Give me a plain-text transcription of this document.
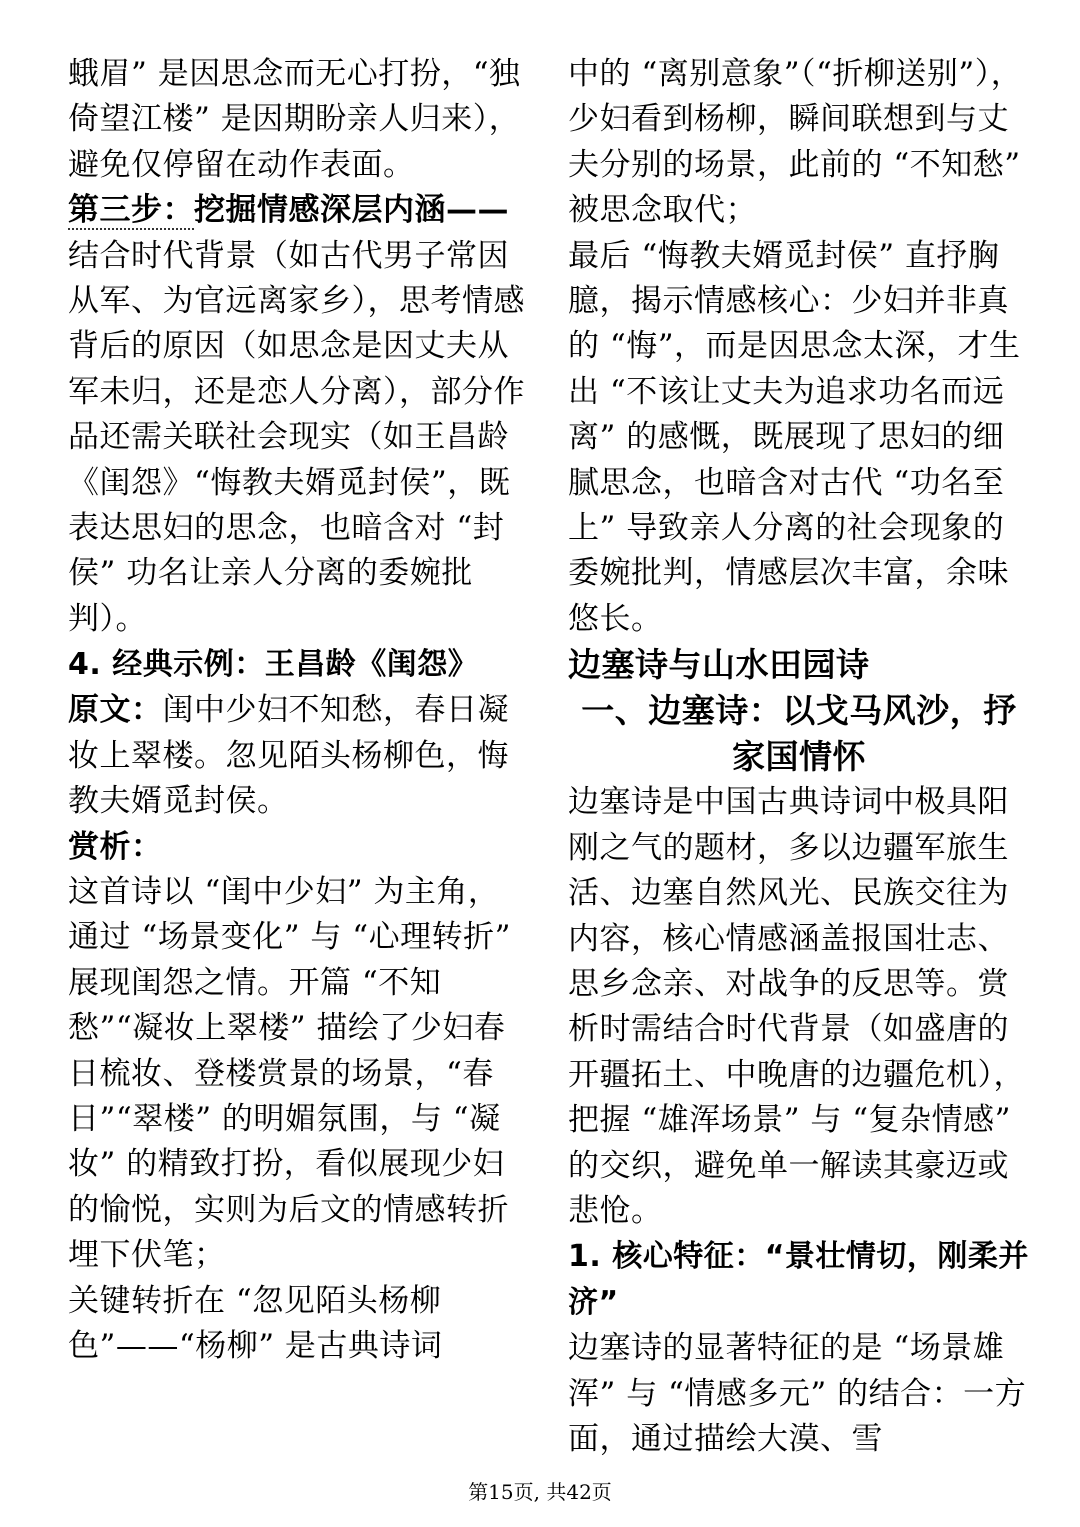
蛾眉” 是因思念而无心打扮，“独倚望江楼” 是因期盼亲人归来），避免仅停留在动作表面。

第三步：挖掘情感深层内涵——

结合时代背景（如古代男子常因从军、为官远离家乡），思考情感背后的原因（如思念是因丈夫从军未归，还是恋人分离），部分作品还需关联社会现实（如王昌龄《闺怨》“悔教夫婿觅封侯”，既表达思妇的思念，也暗含对 “封侯” 功名让亲人分离的委婉批判）。

4. 经典示例：王昌龄《闺怨》

原文：闺中少妇不知愁，春日凝妆上翠楼。忽见陌头杨柳色，悔教夫婿觅封侯。

赏析：

这首诗以 “闺中少妇” 为主角，通过 “场景变化” 与 “心理转折” 展现闺怨之情。开篇 “不知愁”“凝妆上翠楼” 描绘了少妇春日梳妆、登楼赏景的场景，“春日”“翠楼” 的明媚氛围，与 “凝妆” 的精致打扮，看似展现少妇的愉悦，实则为后文的情感转折埋下伏笔；

关键转折在 “忽见陌头杨柳色”——“杨柳” 是古典诗词

中的 “离别意象”（“折柳送别”），少妇看到杨柳，瞬间联想到与丈夫分别的场景，此前的 “不知愁” 被思念取代；

最后 “悔教夫婿觅封侯” 直抒胸臆，揭示情感核心：少妇并非真的 “悔”，而是因思念太深，才生出 “不该让丈夫为追求功名而远离” 的感慨，既展现了思妇的细腻思念，也暗含对古代 “功名至上” 导致亲人分离的社会现象的委婉批判，情感层次丰富，余味悠长。

边塞诗与山水田园诗

一、边塞诗：以戈马风沙，抒家国情怀

边塞诗是中国古典诗词中极具阳刚之气的题材，多以边疆军旅生活、边塞自然风光、民族交往为内容，核心情感涵盖报国壮志、思乡念亲、对战争的反思等。赏析时需结合时代背景（如盛唐的开疆拓土、中晚唐的边疆危机），把握 “雄浑场景” 与 “复杂情感” 的交织，避免单一解读其豪迈或悲怆。

1. 核心特征：“景壮情切，刚柔并济”

边塞诗的显著特征的是 “场景雄浑” 与 “情感多元” 的结合：一方面，通过描绘大漠、雪

第15页, 共42页
